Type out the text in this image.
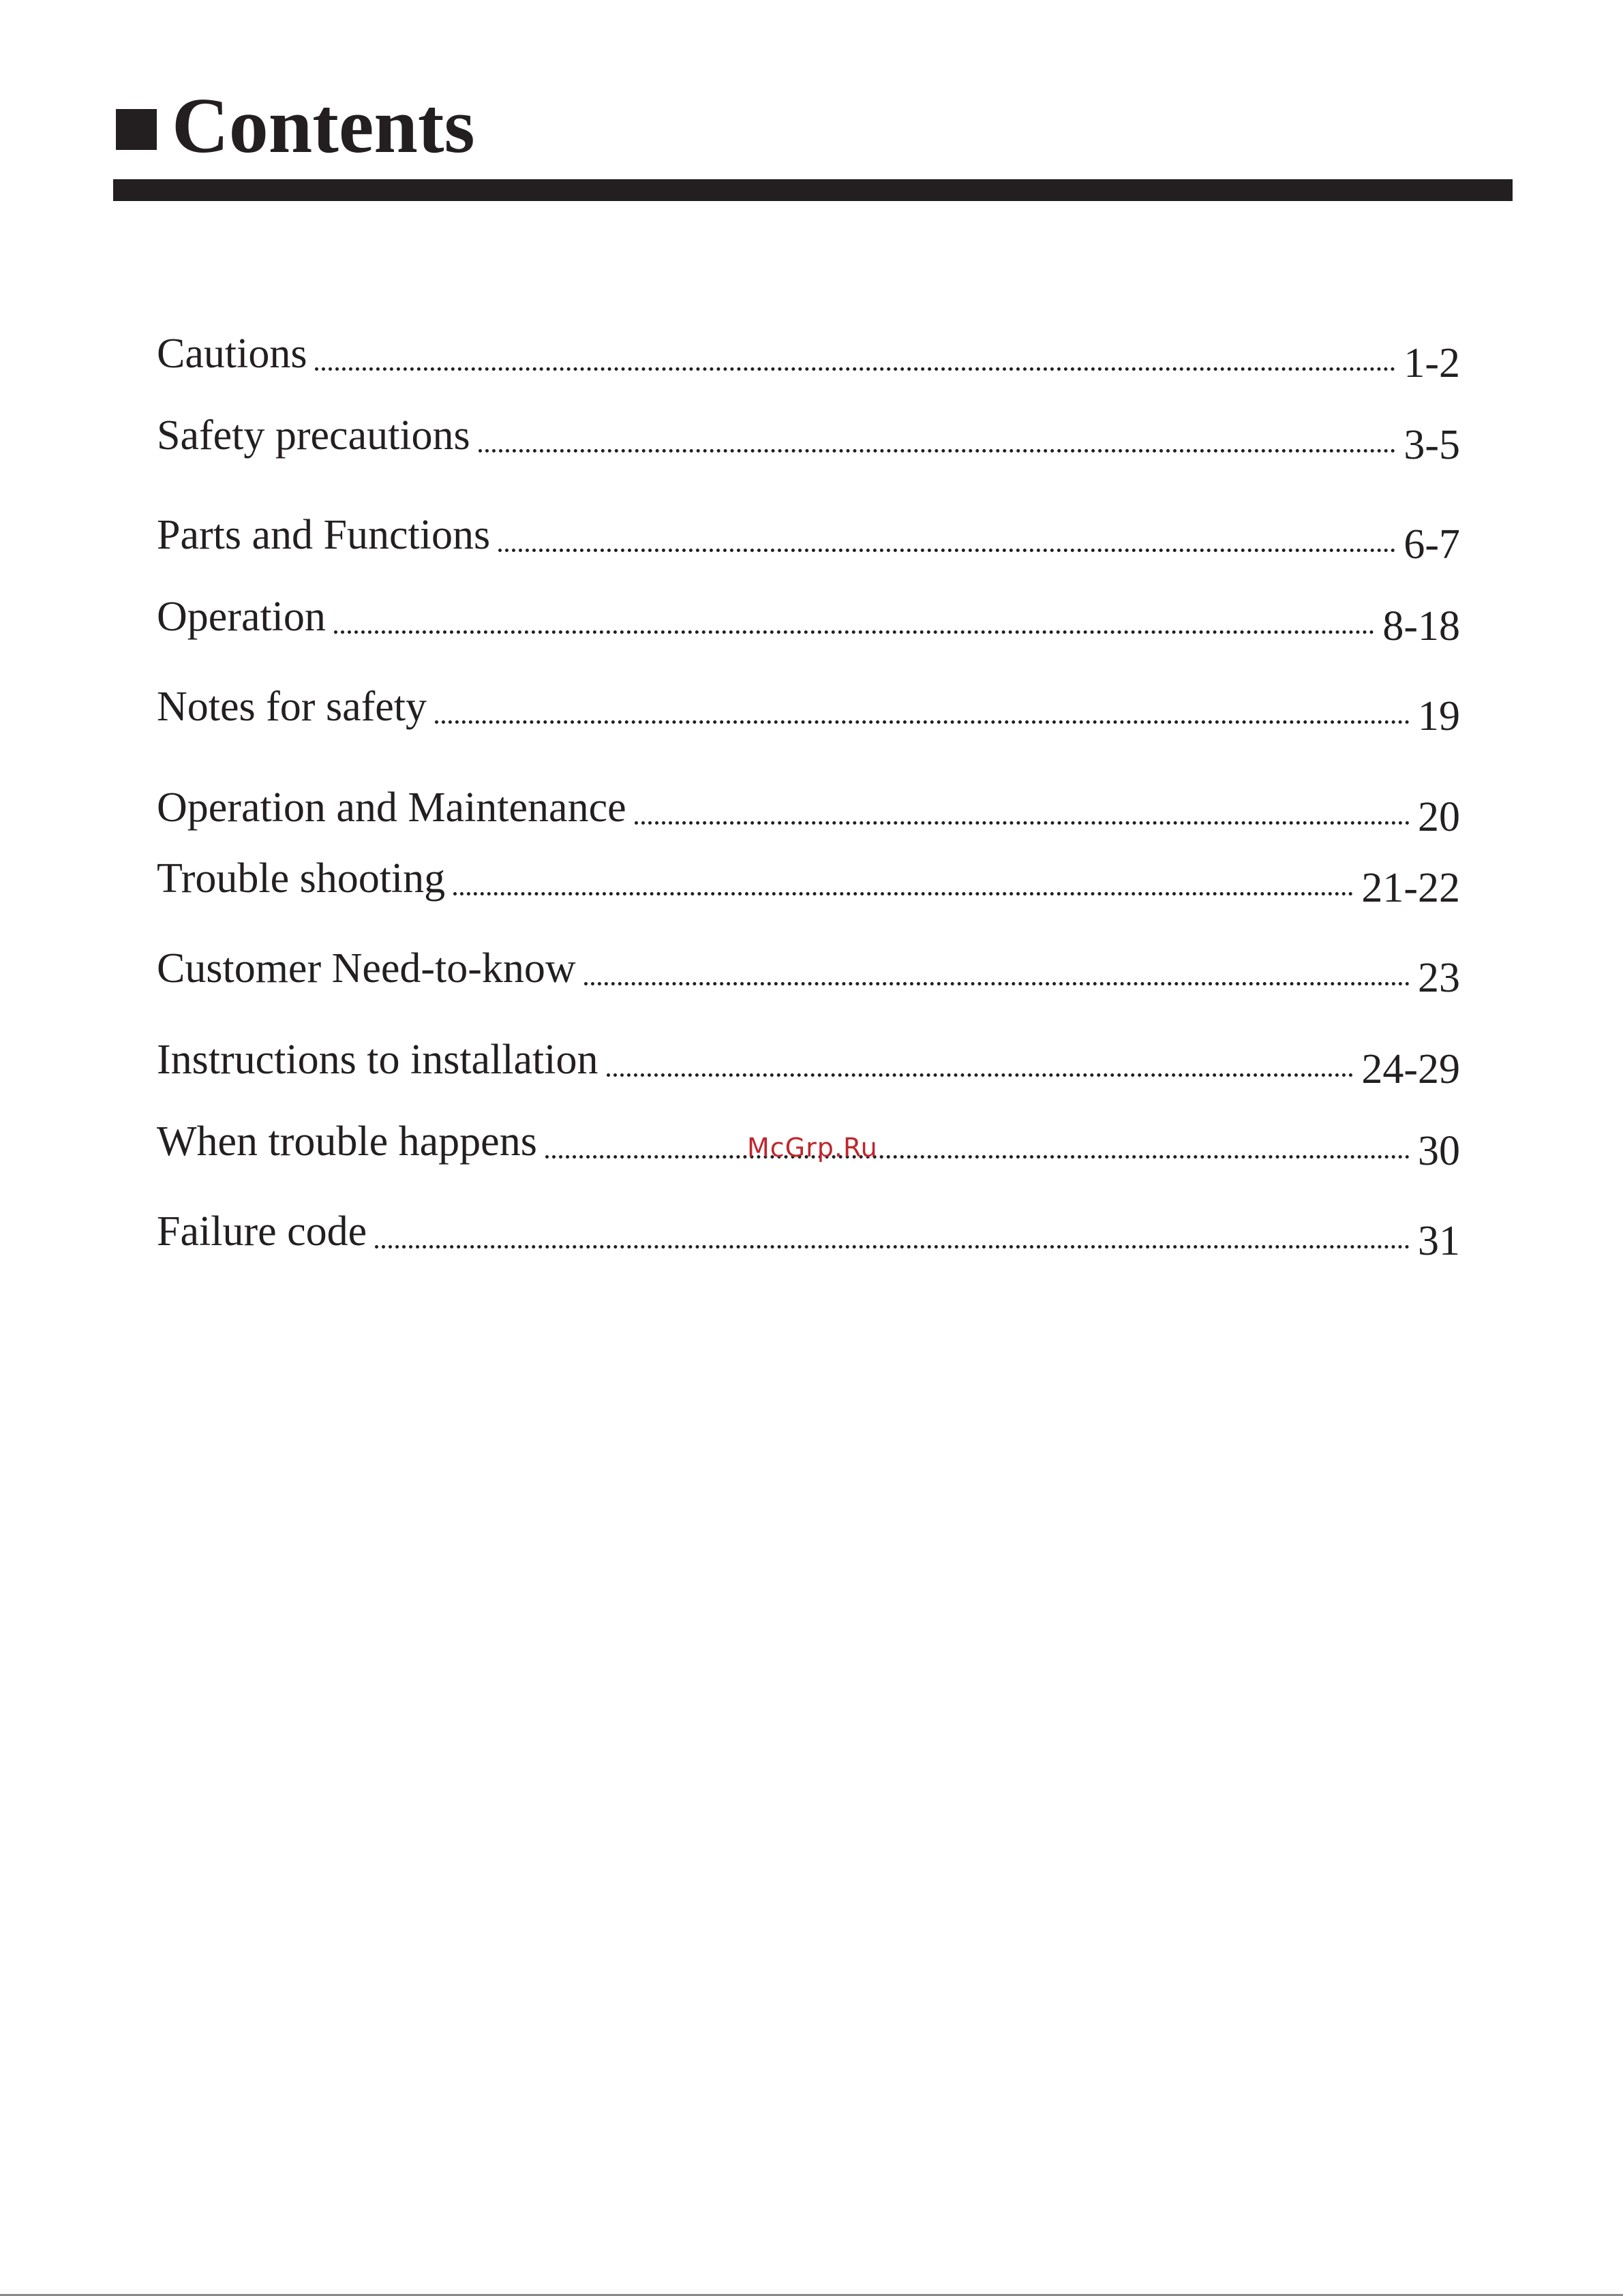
Contents
Cautions	1-2
Safety precautions	3-5
Parts and Functions	6-7
Operation	8-18
Notes for safety	19
Operation and Maintenance	20
Trouble shooting	21-22
Customer Need-to-know	23
Instructions to installation	24-29
When trouble happens	30
Failure code	31
McGrp.Ru
